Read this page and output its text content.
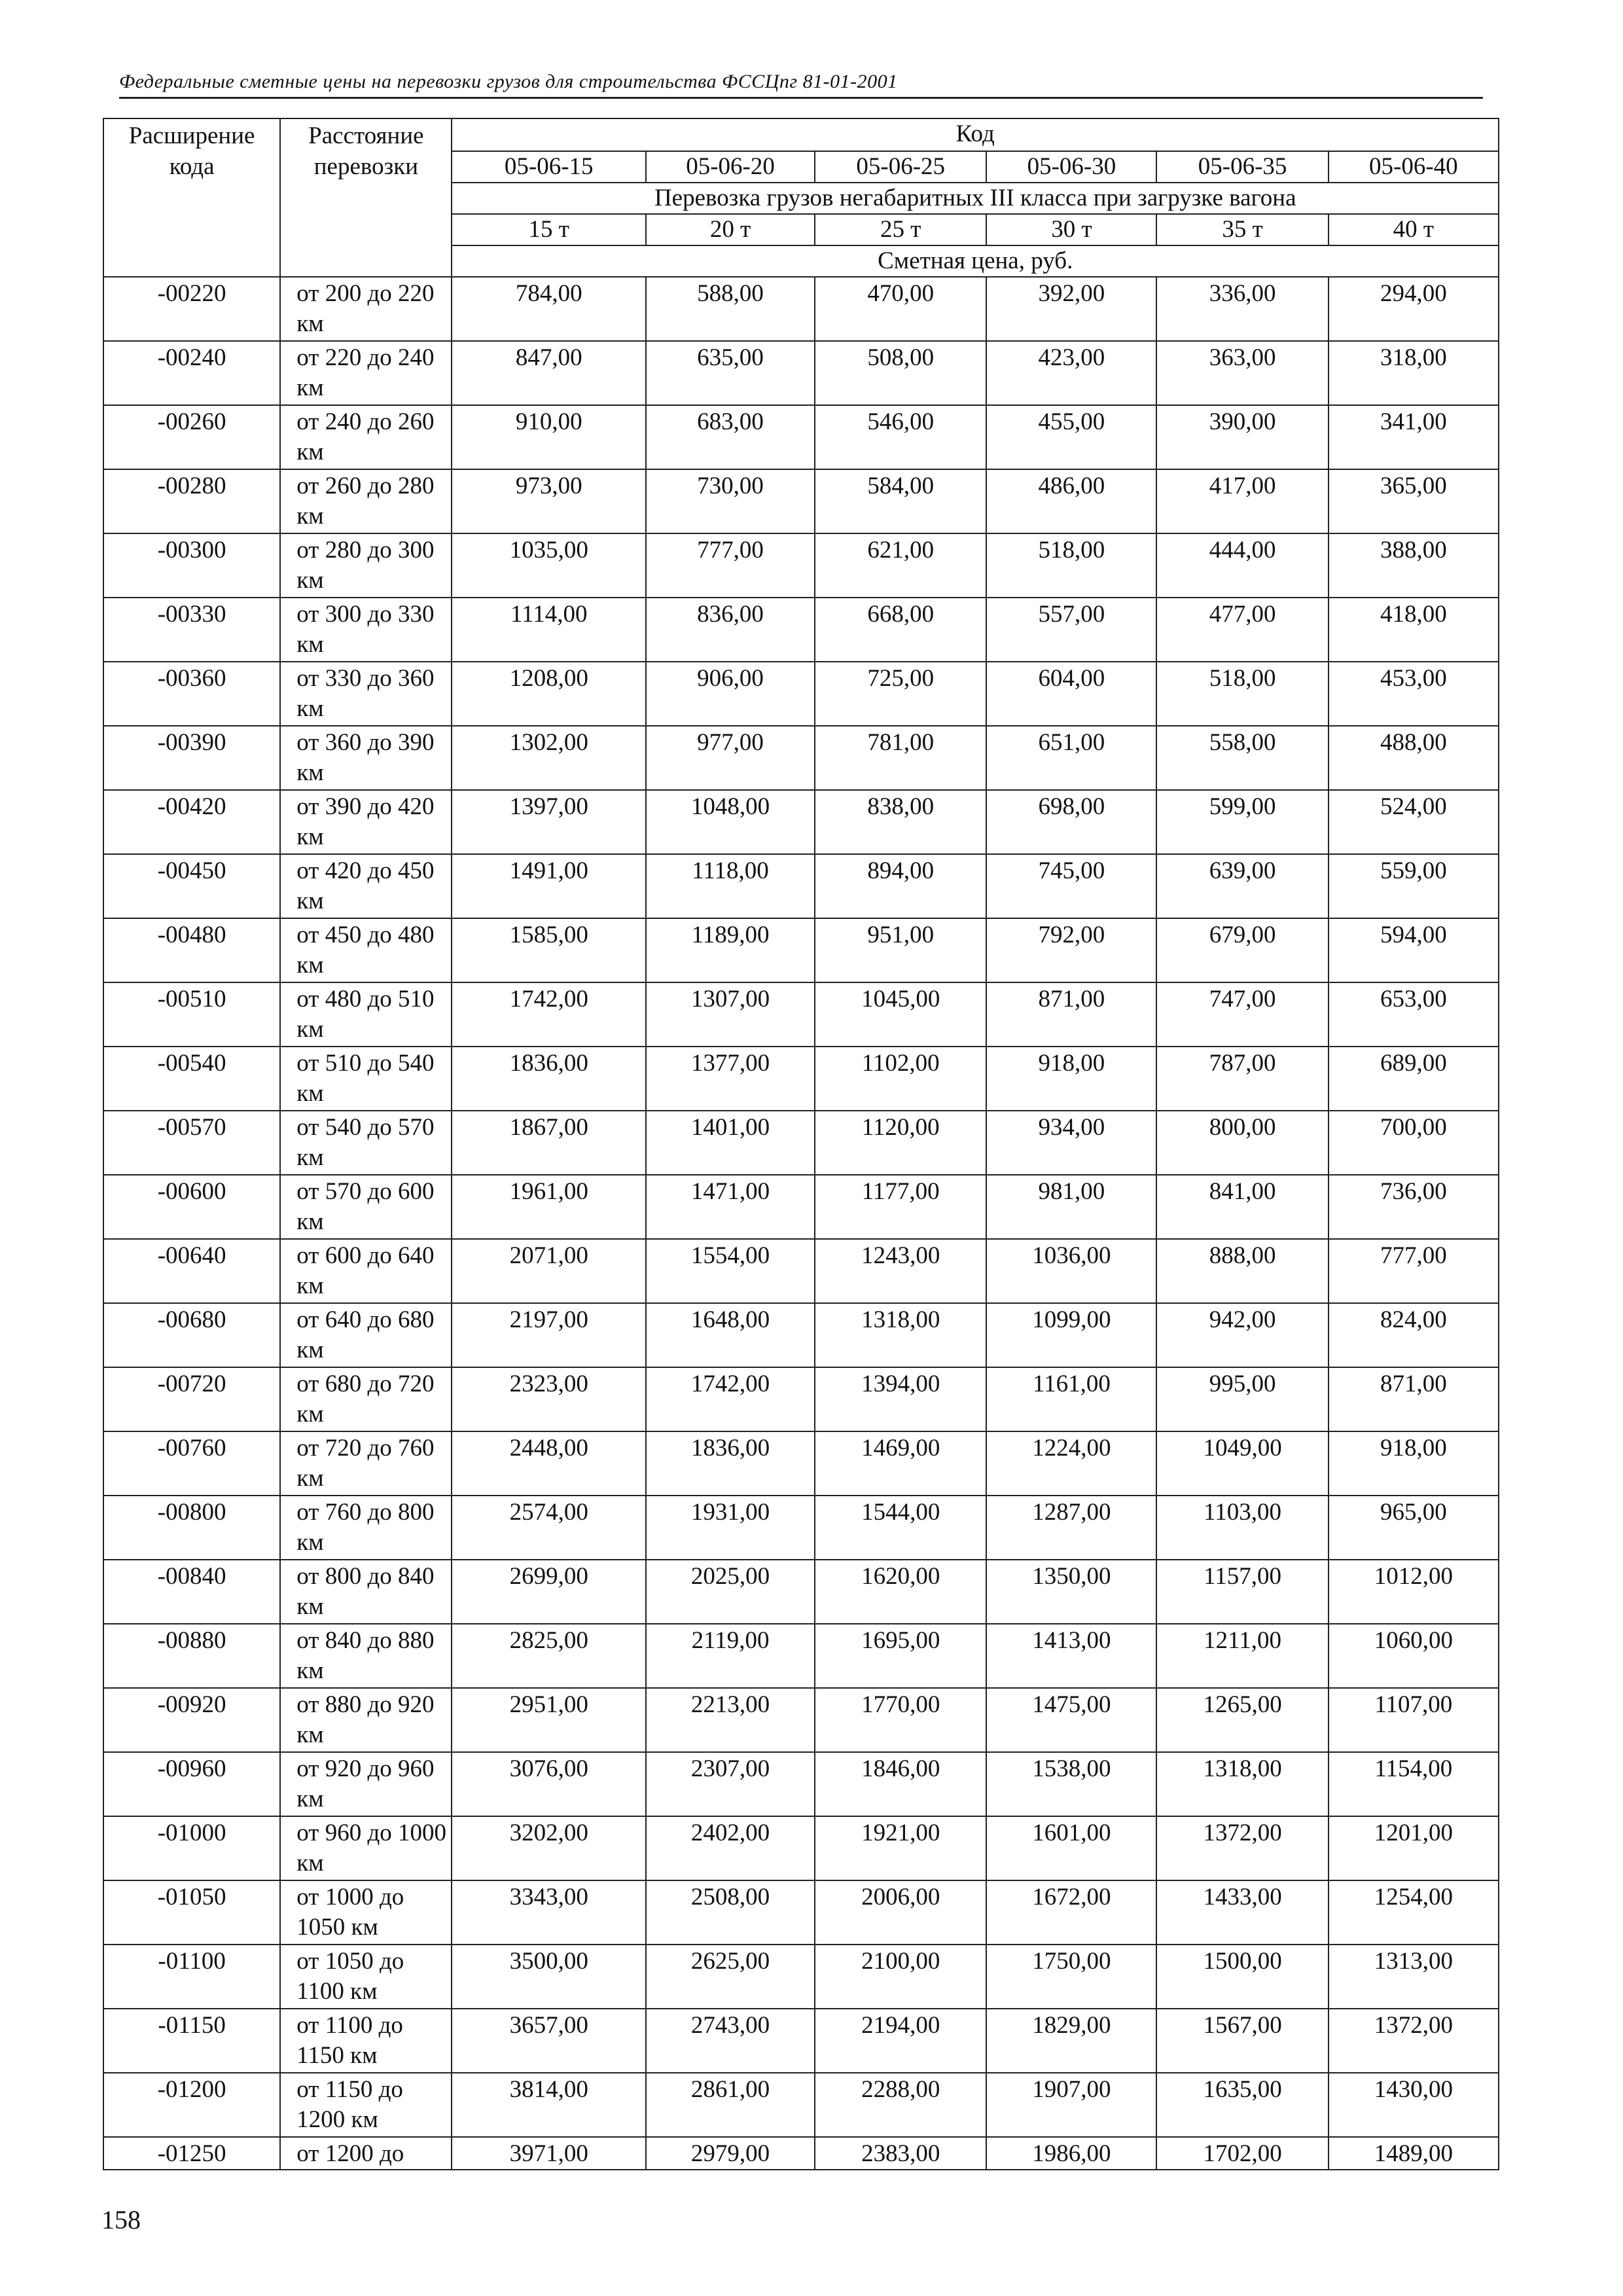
Федеральные сметные цены на перевозки грузов для строительства ФССЦпг 81-01-2001
Расширение кода	Расстояние перевозки	Код					
		05-06-15	05-06-20	05-06-25	05-06-30	05-06-35	05-06-40
		Перевозка грузов негабаритных III класса при загрузке вагона					
		15 т	20 т	25 т	30 т	35 т	40 т
		Сметная цена, руб.					
-00220	от 200 до 220 км	784,00	588,00	470,00	392,00	336,00	294,00
-00240	от 220 до 240 км	847,00	635,00	508,00	423,00	363,00	318,00
-00260	от 240 до 260 км	910,00	683,00	546,00	455,00	390,00	341,00
-00280	от 260 до 280 км	973,00	730,00	584,00	486,00	417,00	365,00
-00300	от 280 до 300 км	1035,00	777,00	621,00	518,00	444,00	388,00
-00330	от 300 до 330 км	1114,00	836,00	668,00	557,00	477,00	418,00
-00360	от 330 до 360 км	1208,00	906,00	725,00	604,00	518,00	453,00
-00390	от 360 до 390 км	1302,00	977,00	781,00	651,00	558,00	488,00
-00420	от 390 до 420 км	1397,00	1048,00	838,00	698,00	599,00	524,00
-00450	от 420 до 450 км	1491,00	1118,00	894,00	745,00	639,00	559,00
-00480	от 450 до 480 км	1585,00	1189,00	951,00	792,00	679,00	594,00
-00510	от 480 до 510 км	1742,00	1307,00	1045,00	871,00	747,00	653,00
-00540	от 510 до 540 км	1836,00	1377,00	1102,00	918,00	787,00	689,00
-00570	от 540 до 570 км	1867,00	1401,00	1120,00	934,00	800,00	700,00
-00600	от 570 до 600 км	1961,00	1471,00	1177,00	981,00	841,00	736,00
-00640	от 600 до 640 км	2071,00	1554,00	1243,00	1036,00	888,00	777,00
-00680	от 640 до 680 км	2197,00	1648,00	1318,00	1099,00	942,00	824,00
-00720	от 680 до 720 км	2323,00	1742,00	1394,00	1161,00	995,00	871,00
-00760	от 720 до 760 км	2448,00	1836,00	1469,00	1224,00	1049,00	918,00
-00800	от 760 до 800 км	2574,00	1931,00	1544,00	1287,00	1103,00	965,00
-00840	от 800 до 840 км	2699,00	2025,00	1620,00	1350,00	1157,00	1012,00
-00880	от 840 до 880 км	2825,00	2119,00	1695,00	1413,00	1211,00	1060,00
-00920	от 880 до 920 км	2951,00	2213,00	1770,00	1475,00	1265,00	1107,00
-00960	от 920 до 960 км	3076,00	2307,00	1846,00	1538,00	1318,00	1154,00
-01000	от 960 до 1000 км	3202,00	2402,00	1921,00	1601,00	1372,00	1201,00
-01050	от 1000 до 1050 км	3343,00	2508,00	2006,00	1672,00	1433,00	1254,00
-01100	от 1050 до 1100 км	3500,00	2625,00	2100,00	1750,00	1500,00	1313,00
-01150	от 1100 до 1150 км	3657,00	2743,00	2194,00	1829,00	1567,00	1372,00
-01200	от 1150 до 1200 км	3814,00	2861,00	2288,00	1907,00	1635,00	1430,00
-01250	от 1200 до	3971,00	2979,00	2383,00	1986,00	1702,00	1489,00
158
